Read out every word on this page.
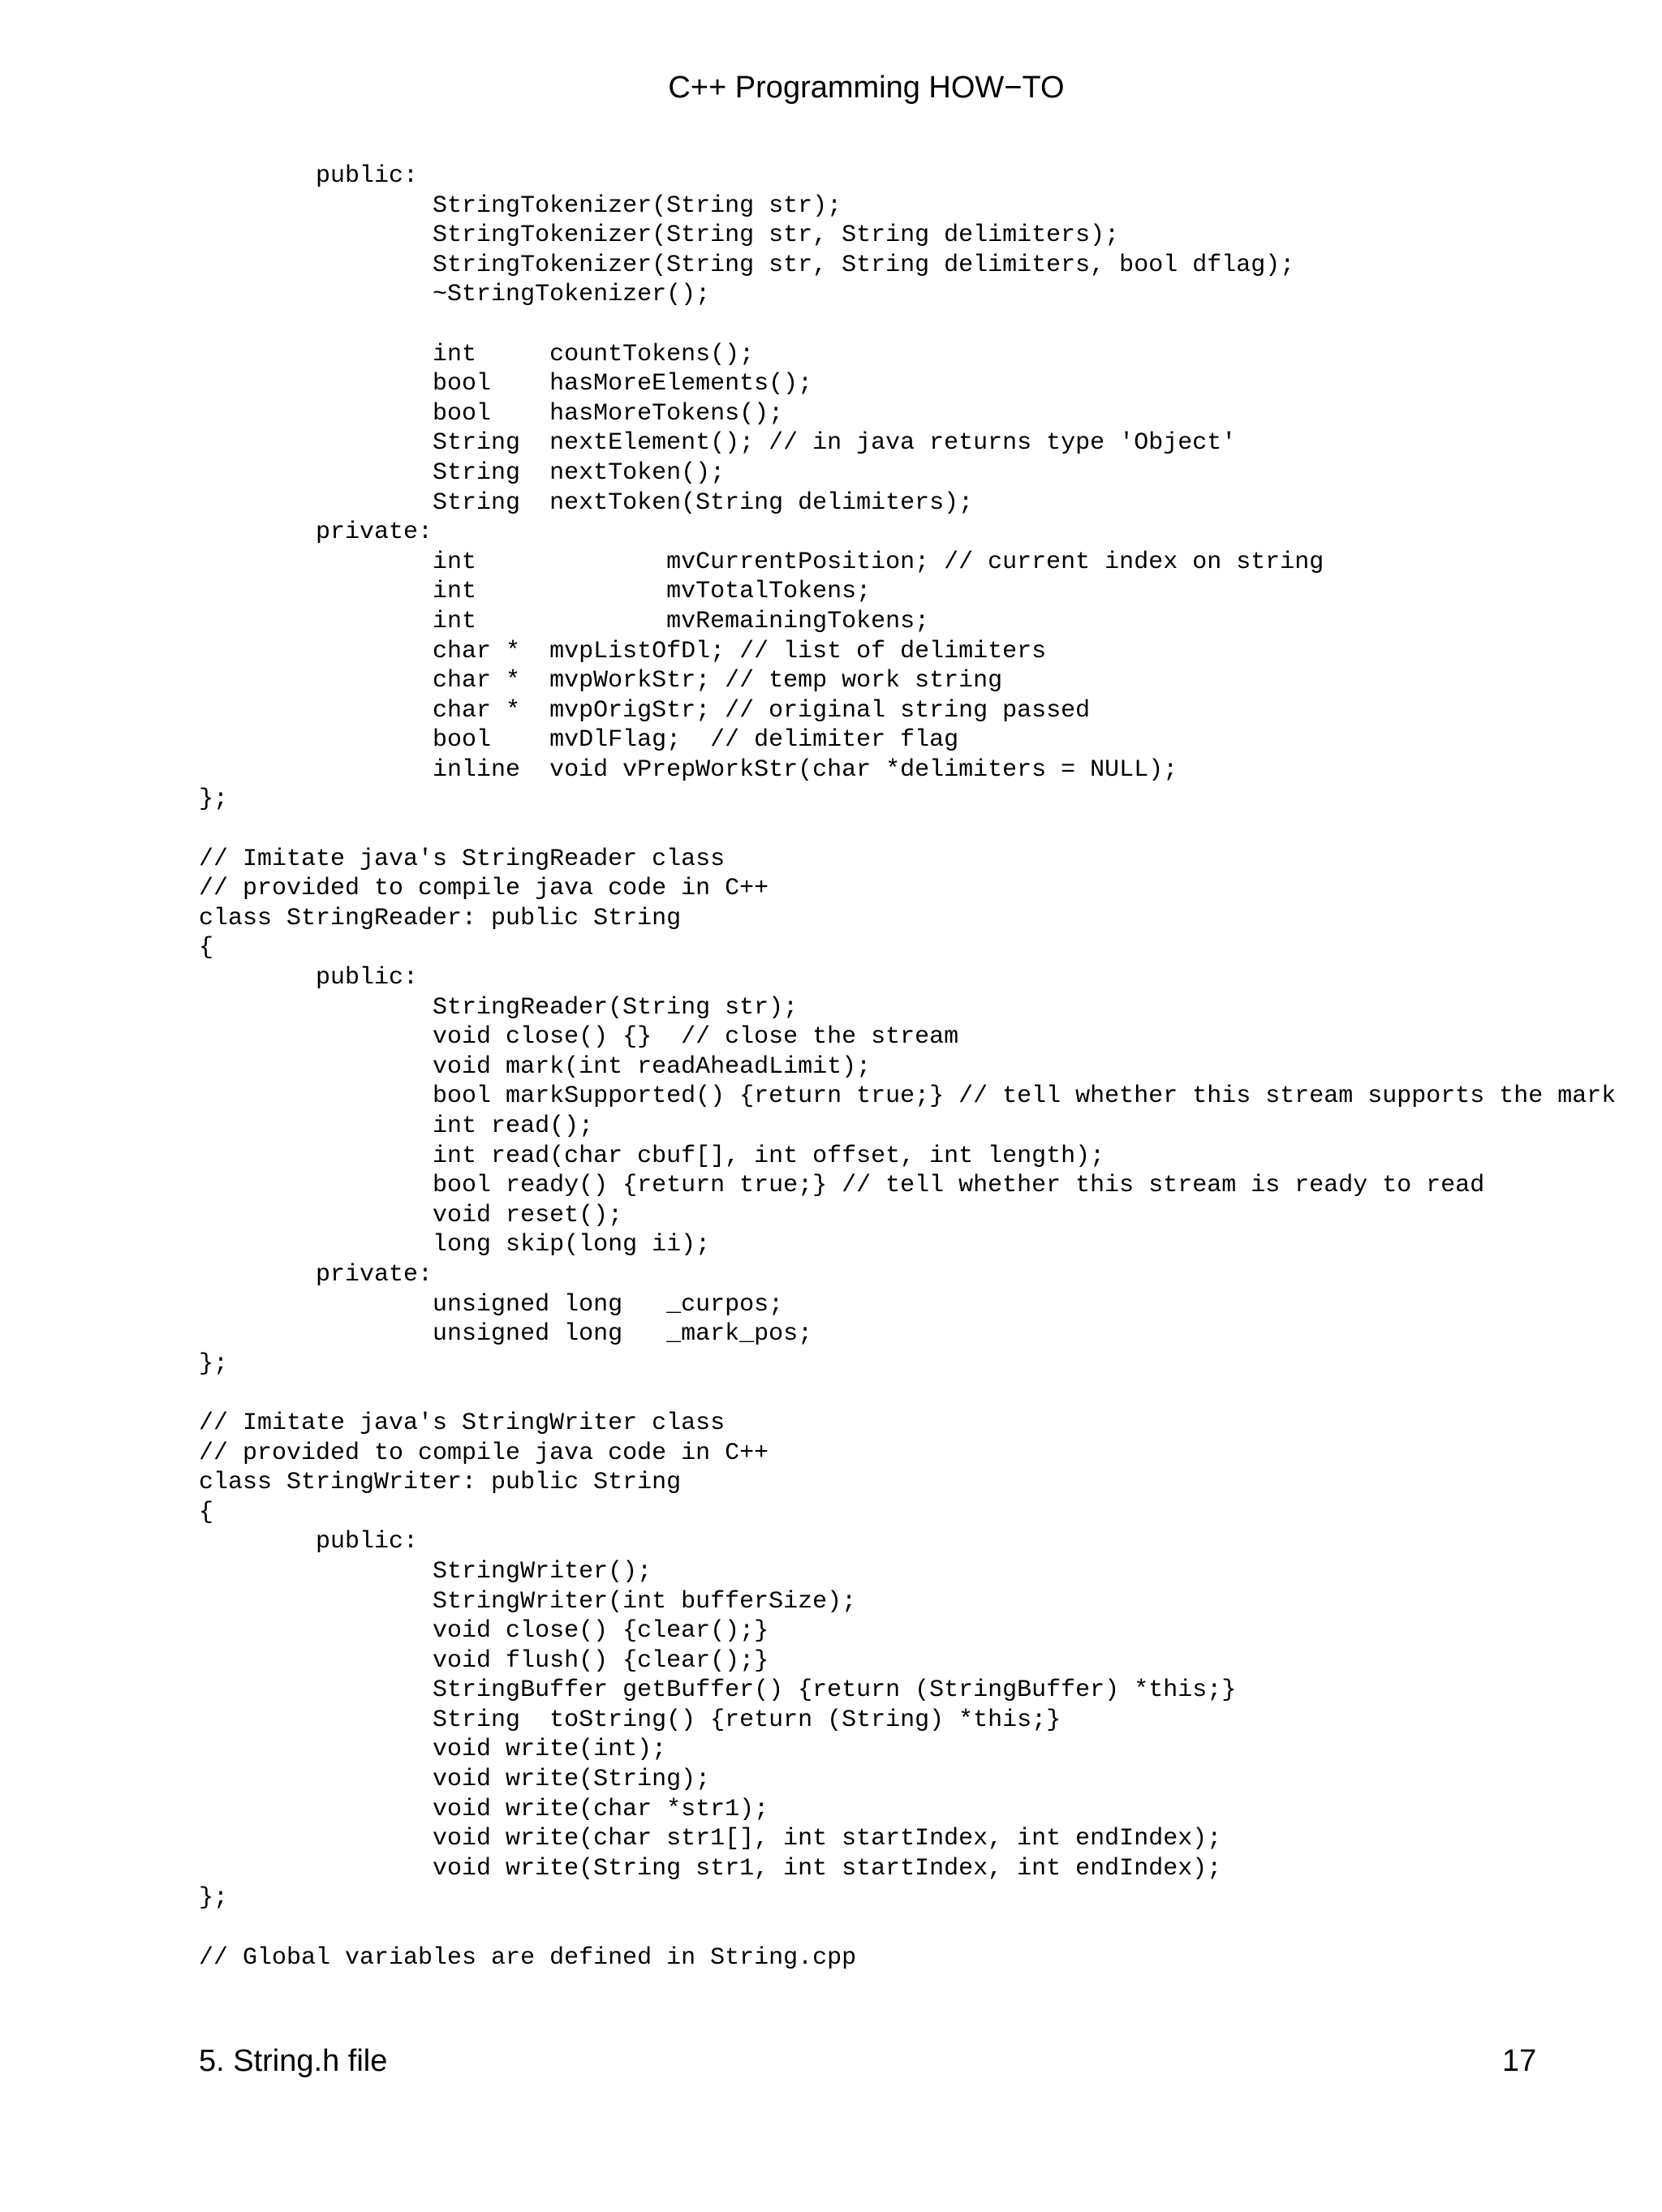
C++ Programming HOW−TO
public:
StringTokenizer(String str);
StringTokenizer(String str, String delimiters);
StringTokenizer(String str, String delimiters, bool dflag);
~StringTokenizer();

int     countTokens();
bool    hasMoreElements();
bool    hasMoreTokens();
String  nextElement(); // in java returns type 'Object'
String  nextToken();
String  nextToken(String delimiters);
private:
int             mvCurrentPosition; // current index on string
int             mvTotalTokens;
int             mvRemainingTokens;
char *  mvpListOfDl; // list of delimiters
char *  mvpWorkStr; // temp work string
char *  mvpOrigStr; // original string passed
bool    mvDlFlag;  // delimiter flag
inline  void vPrepWorkStr(char *delimiters = NULL);
};

// Imitate java's StringReader class
// provided to compile java code in C++
class StringReader: public String
{
public:
StringReader(String str);
void close() {}  // close the stream
void mark(int readAheadLimit);
bool markSupported() {return true;} // tell whether this stream supports the mark
int read();
int read(char cbuf[], int offset, int length);
bool ready() {return true;} // tell whether this stream is ready to read
void reset();
long skip(long ii);
private:
unsigned long   _curpos;
unsigned long   _mark_pos;
};

// Imitate java's StringWriter class
// provided to compile java code in C++
class StringWriter: public String
{
public:
StringWriter();
StringWriter(int bufferSize);
void close() {clear();}
void flush() {clear();}
StringBuffer getBuffer() {return (StringBuffer) *this;}
String  toString() {return (String) *this;}
void write(int);
void write(String);
void write(char *str1);
void write(char str1[], int startIndex, int endIndex);
void write(String str1, int startIndex, int endIndex);
};

// Global variables are defined in String.cpp
5. String.h file	17
